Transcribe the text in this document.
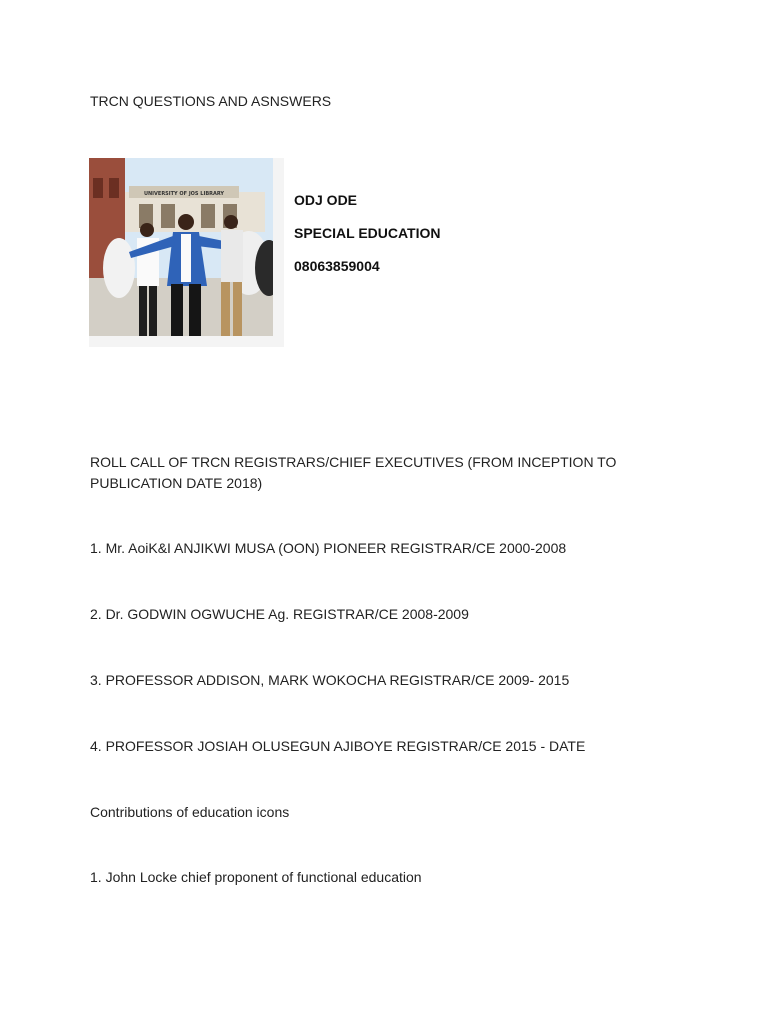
TRCN QUESTIONS AND ASNSWERS
UNIVERSITY OF JOS LIBRARY	ODJ ODE
SPECIAL EDUCATION
08063859004
ROLL CALL OF TRCN REGISTRARS/CHIEF EXECUTIVES (FROM INCEPTION TO PUBLICATION DATE 2018)
1. Mr. AoiK&I ANJIKWI MUSA (OON) PIONEER REGISTRAR/CE 2000-2008
2. Dr. GODWIN OGWUCHE Ag. REGISTRAR/CE 2008-2009
3. PROFESSOR ADDISON, MARK WOKOCHA REGISTRAR/CE 2009- 2015
4. PROFESSOR JOSIAH OLUSEGUN AJIBOYE REGISTRAR/CE 2015 - DATE
Contributions of education icons
1. John Locke chief proponent of functional education
